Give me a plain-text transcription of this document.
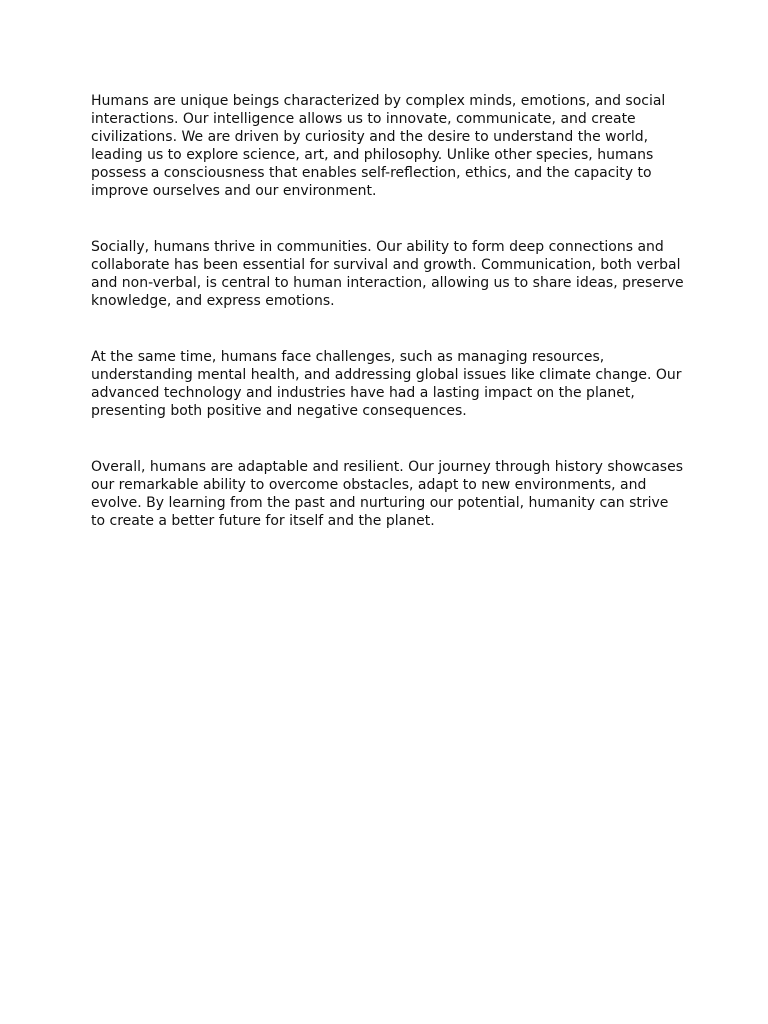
Humans are unique beings characterized by complex minds, emotions, and social interactions. Our intelligence allows us to innovate, communicate, and create civilizations. We are driven by curiosity and the desire to understand the world, leading us to explore science, art, and philosophy. Unlike other species, humans possess a consciousness that enables self-reflection, ethics, and the capacity to improve ourselves and our environment.

Socially, humans thrive in communities. Our ability to form deep connections and collaborate has been essential for survival and growth. Communication, both verbal and non-verbal, is central to human interaction, allowing us to share ideas, preserve knowledge, and express emotions.

At the same time, humans face challenges, such as managing resources, understanding mental health, and addressing global issues like climate change. Our advanced technology and industries have had a lasting impact on the planet, presenting both positive and negative consequences.

Overall, humans are adaptable and resilient. Our journey through history showcases our remarkable ability to overcome obstacles, adapt to new environments, and evolve. By learning from the past and nurturing our potential, humanity can strive to create a better future for itself and the planet.
